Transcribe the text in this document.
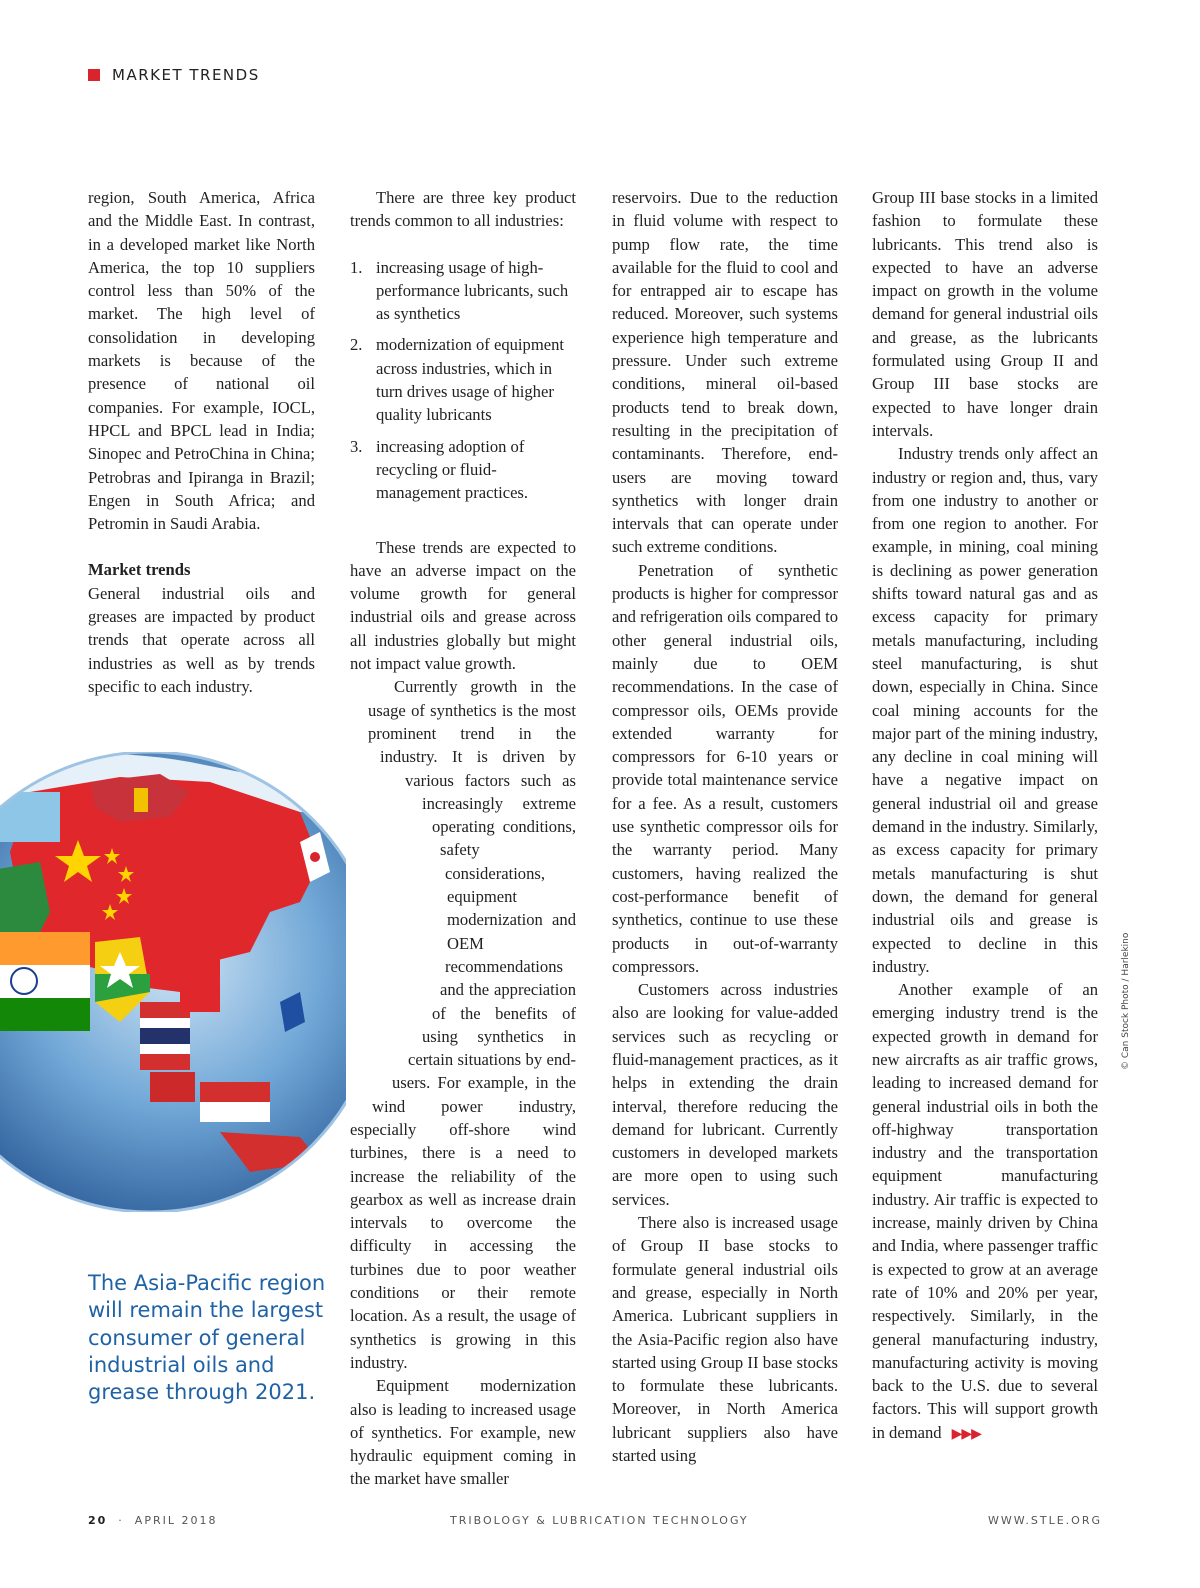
MARKET TRENDS

region, South America, Africa and the Middle East. In contrast, in a developed market like North America, the top 10 suppliers control less than 50% of the market. The high level of consolidation in developing markets is because of the presence of national oil companies. For example, IOCL, HPCL and BPCL lead in India; Sinopec and PetroChina in China; Petrobras and Ipiranga in Brazil; Engen in South Africa; and Petromin in Saudi Arabia.

Market trends

General industrial oils and greases are impacted by product trends that operate across all industries as well as by trends specific to each industry.

The Asia-Pacific region will remain the largest consumer of general industrial oils and grease through 2021.

There are three key product trends common to all industries:

1. increasing usage of high-performance lubricants, such as synthetics
2. modernization of equipment across industries, which in turn drives usage of higher quality lubricants
3. increasing adoption of recycling or fluid-management practices.

These trends are expected to have an adverse impact on the volume growth for general industrial oils and grease across all industries globally but might not impact value growth.

Currently growth in the usage of synthetics is the most prominent trend in the industry. It is driven by various factors such as increasingly extreme operating conditions, safety considerations, equipment modernization and OEM recommendations and the appreciation of the benefits of using synthetics in certain situations by end-users. For example, in the wind power industry, especially off-shore wind turbines, there is a need to increase the reliability of the gearbox as well as increase drain intervals to overcome the difficulty in accessing the turbines due to poor weather conditions or their remote location. As a result, the usage of synthetics is growing in this industry.

Equipment modernization also is leading to increased usage of synthetics. For example, new hydraulic equipment coming in the market have smaller

reservoirs. Due to the reduction in fluid volume with respect to pump flow rate, the time available for the fluid to cool and for entrapped air to escape has reduced. Moreover, such systems experience high temperature and pressure. Under such extreme conditions, mineral oil-based products tend to break down, resulting in the precipitation of contaminants. Therefore, end-users are moving toward synthetics with longer drain intervals that can operate under such extreme conditions.

Penetration of synthetic products is higher for compressor and refrigeration oils compared to other general industrial oils, mainly due to OEM recommendations. In the case of compressor oils, OEMs provide extended warranty for compressors for 6-10 years or provide total maintenance service for a fee. As a result, customers use synthetic compressor oils for the warranty period. Many customers, having realized the cost-performance benefit of synthetics, continue to use these products in out-of-warranty compressors.

Customers across industries also are looking for value-added services such as recycling or fluid-management practices, as it helps in extending the drain interval, therefore reducing the demand for lubricant. Currently customers in developed markets are more open to using such services.

There also is increased usage of Group II base stocks to formulate general industrial oils and grease, especially in North America. Lubricant suppliers in the Asia-Pacific region also have started using Group II base stocks to formulate these lubricants. Moreover, in North America lubricant suppliers also have started using

Group III base stocks in a limited fashion to formulate these lubricants. This trend also is expected to have an adverse impact on growth in the volume demand for general industrial oils and grease, as the lubricants formulated using Group II and Group III base stocks are expected to have longer drain intervals.

Industry trends only affect an industry or region and, thus, vary from one industry to another or from one region to another. For example, in mining, coal mining is declining as power generation shifts toward natural gas and as excess capacity for primary metals manufacturing, including steel manufacturing, is shut down, especially in China. Since coal mining accounts for the major part of the mining industry, any decline in coal mining will have a negative impact on general industrial oil and grease demand in the industry. Similarly, as excess capacity for primary metals manufacturing is shut down, the demand for general industrial oils and grease is expected to decline in this industry.

Another example of an emerging industry trend is the expected growth in demand for new aircrafts as air traffic grows, leading to increased demand for general industrial oils in both the off-highway transportation industry and the transportation equipment manufacturing industry. Air traffic is expected to increase, mainly driven by China and India, where passenger traffic is expected to grow at an average rate of 10% and 20% per year, respectively. Similarly, in the general manufacturing industry, manufacturing activity is moving back to the U.S. due to several factors. This will support growth in demand ▶▶▶

© Can Stock Photo / Harlekino
20  ·  APRIL 2018	TRIBOLOGY & LUBRICATION TECHNOLOGY	WWW.STLE.ORG
